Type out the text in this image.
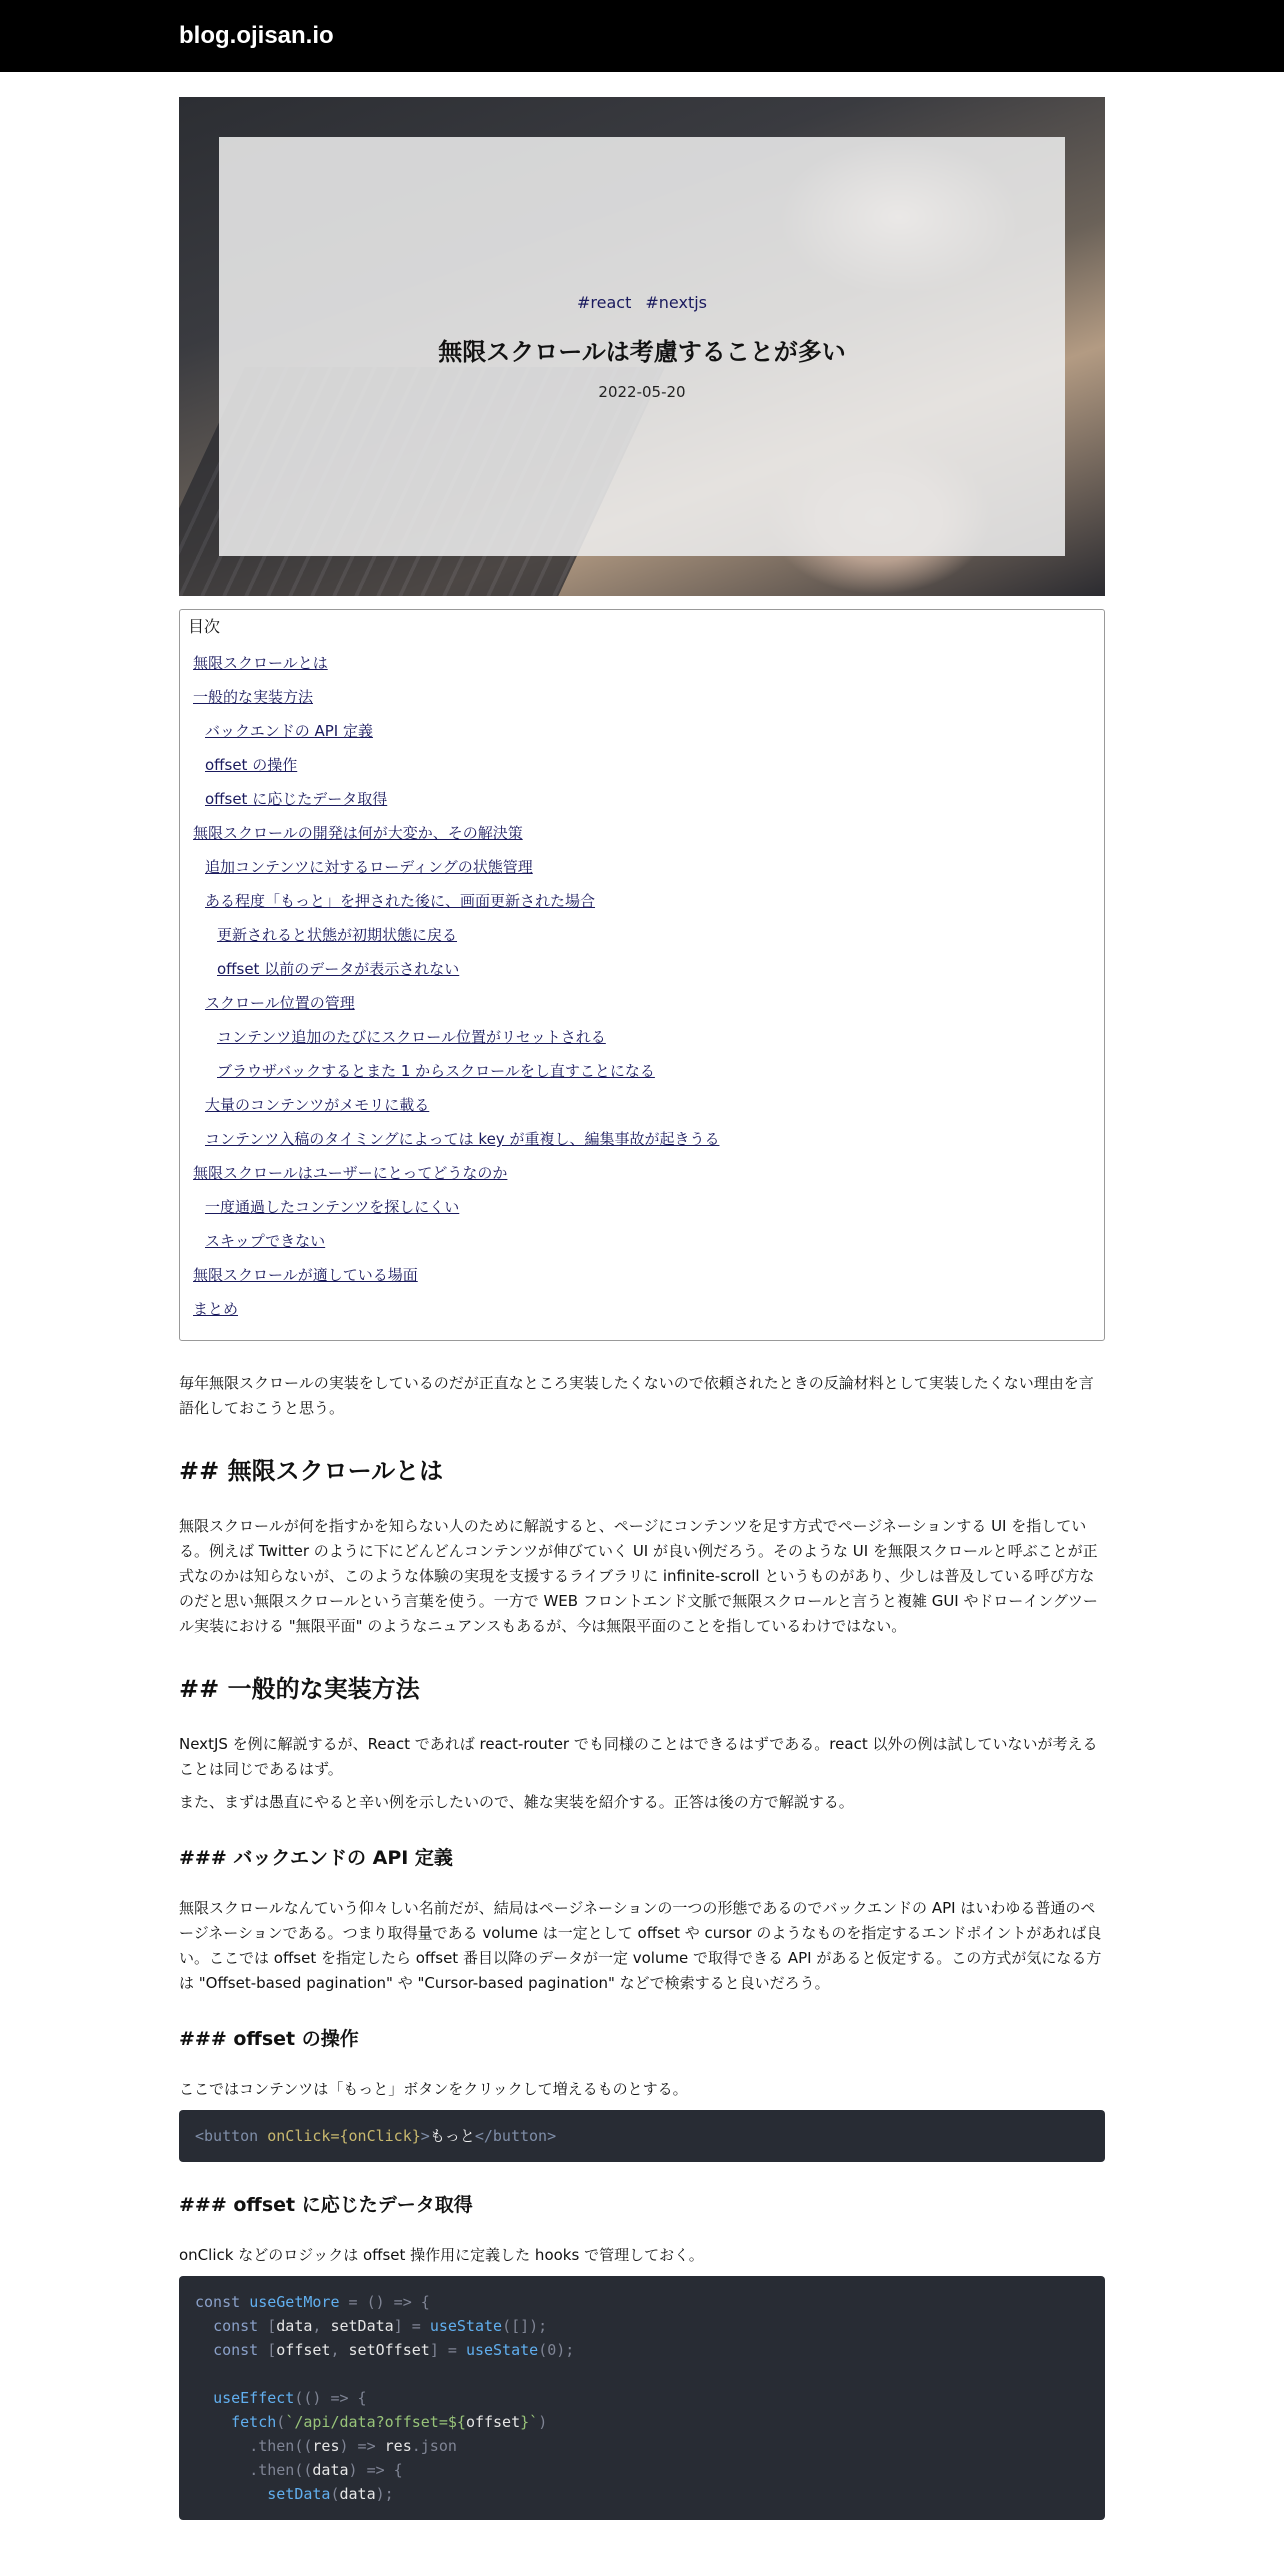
blog.ojisan.io
#react #nextjs
無限スクロールは考慮することが多い
2022-05-20
目次
無限スクロールとは
一般的な実装方法
バックエンドの API 定義
offset の操作
offset に応じたデータ取得
無限スクロールの開発は何が大変か、その解決策
追加コンテンツに対するローディングの状態管理
ある程度「もっと」を押された後に、画面更新された場合
更新されると状態が初期状態に戻る
offset 以前のデータが表示されない
スクロール位置の管理
コンテンツ追加のたびにスクロール位置がリセットされる
ブラウザバックするとまた 1 からスクロールをし直すことになる
大量のコンテンツがメモリに載る
コンテンツ入稿のタイミングによっては key が重複し、編集事故が起きうる
無限スクロールはユーザーにとってどうなのか
一度通過したコンテンツを探しにくい
スキップできない
無限スクロールが適している場面
まとめ

毎年無限スクロールの実装をしているのだが正直なところ実装したくないので依頼されたときの反論材料として実装したくない理由を言語化しておこうと思う。

## 無限スクロールとは

無限スクロールが何を指すかを知らない人のために解説すると、ページにコンテンツを足す方式でページネーションする UI を指している。例えば Twitter のように下にどんどんコンテンツが伸びていく UI が良い例だろう。そのような UI を無限スクロールと呼ぶことが正式なのかは知らないが、このような体験の実現を支援するライブラリに infinite-scroll というものがあり、少しは普及している呼び方なのだと思い無限スクロールという言葉を使う。一方で WEB フロントエンド文脈で無限スクロールと言うと複雑 GUI やドローイングツール実装における "無限平面" のようなニュアンスもあるが、今は無限平面のことを指しているわけではない。

## 一般的な実装方法

NextJS を例に解説するが、React であれば react-router でも同様のことはできるはずである。react 以外の例は試していないが考えることは同じであるはず。

また、まずは愚直にやると辛い例を示したいので、雑な実装を紹介する。正答は後の方で解説する。

### バックエンドの API 定義

無限スクロールなんていう仰々しい名前だが、結局はページネーションの一つの形態であるのでバックエンドの API はいわゆる普通のページネーションである。つまり取得量である volume は一定として offset や cursor のようなものを指定するエンドポイントがあれば良い。ここでは offset を指定したら offset 番目以降のデータが一定 volume で取得できる API があると仮定する。この方式が気になる方は "Offset-based pagination" や "Cursor-based pagination" などで検索すると良いだろう。

### offset の操作

ここではコンテンツは「もっと」ボタンをクリックして増えるものとする。

<button onClick={onClick}>もっと</button>
### offset に応じたデータ取得

onClick などのロジックは offset 操作用に定義した hooks で管理しておく。

const useGetMore = () => {
const [data, setData] = useState([]);
const [offset, setOffset] = useState(0);

useEffect(() => {
fetch(`/api/data?offset=${offset}`)
.then((res) => res.json
.then((data) => {
setData(data);
